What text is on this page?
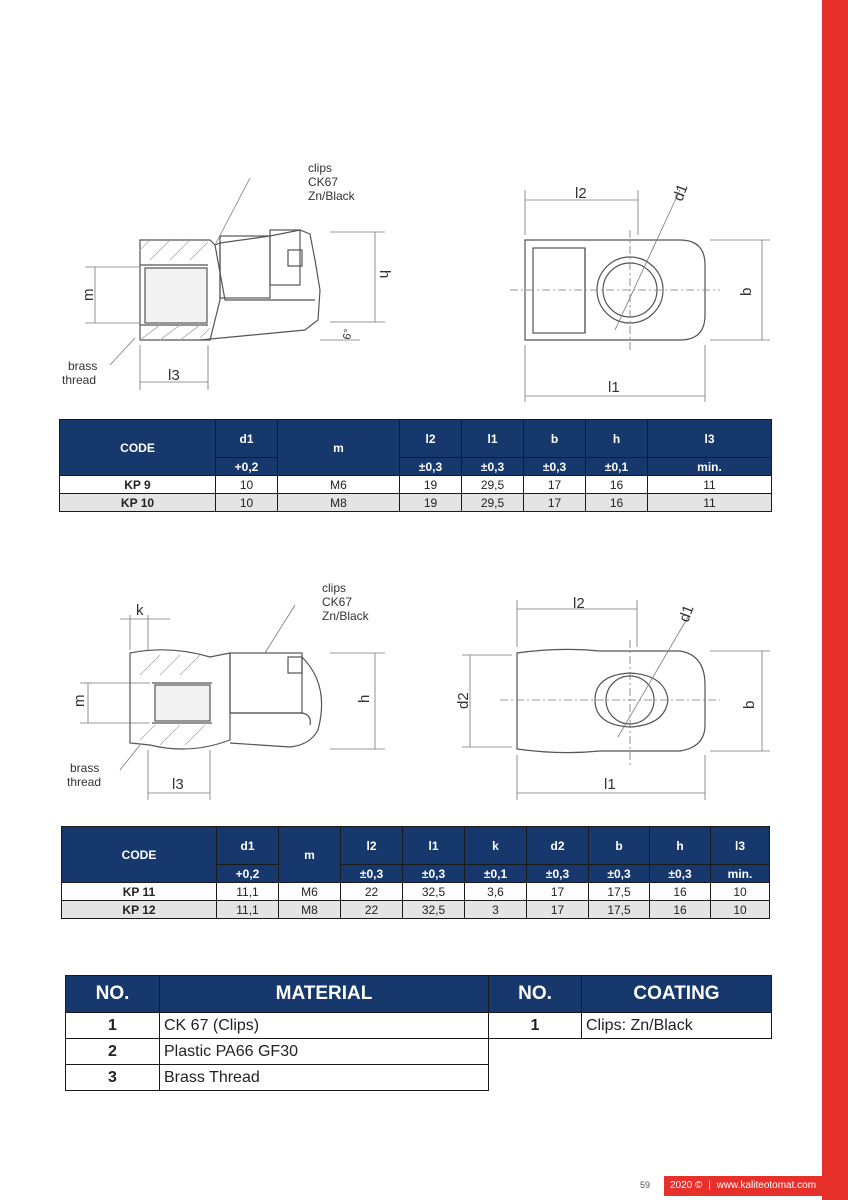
clips
CK67
Zn/Black
brass
thread
m
l3
h
6°
l2	d1
b
l1
CODE	d1	m	l2	l1	b	h	l3
	+0,2		±0,3	±0,3	±0,3	±0,1	min.
KP 9	10	M6	19	29,5	17	16	11
KP 10	10	M8	19	29,5	17	16	11
clips
CK67
Zn/Black
brass
thread
k
m
l3
h
l2	d1
d2	b
l1
CODE	d1	m	l2	l1	k	d2	b	h	l3
	+0,2		±0,3	±0,3	±0,1	±0,3	±0,3	±0,3	min.
KP 11	11,1	M6	22	32,5	3,6	17	17,5	16	10
KP 12	11,1	M8	22	32,5	3	17	17,5	16	10
NO.	MATERIAL
1	CK 67 (Clips)
2	Plastic PA66 GF30
3	Brass Thread
NO.	COATING
1	Clips: Zn/Black
59	2020 © | www.kaliteotomat.com
